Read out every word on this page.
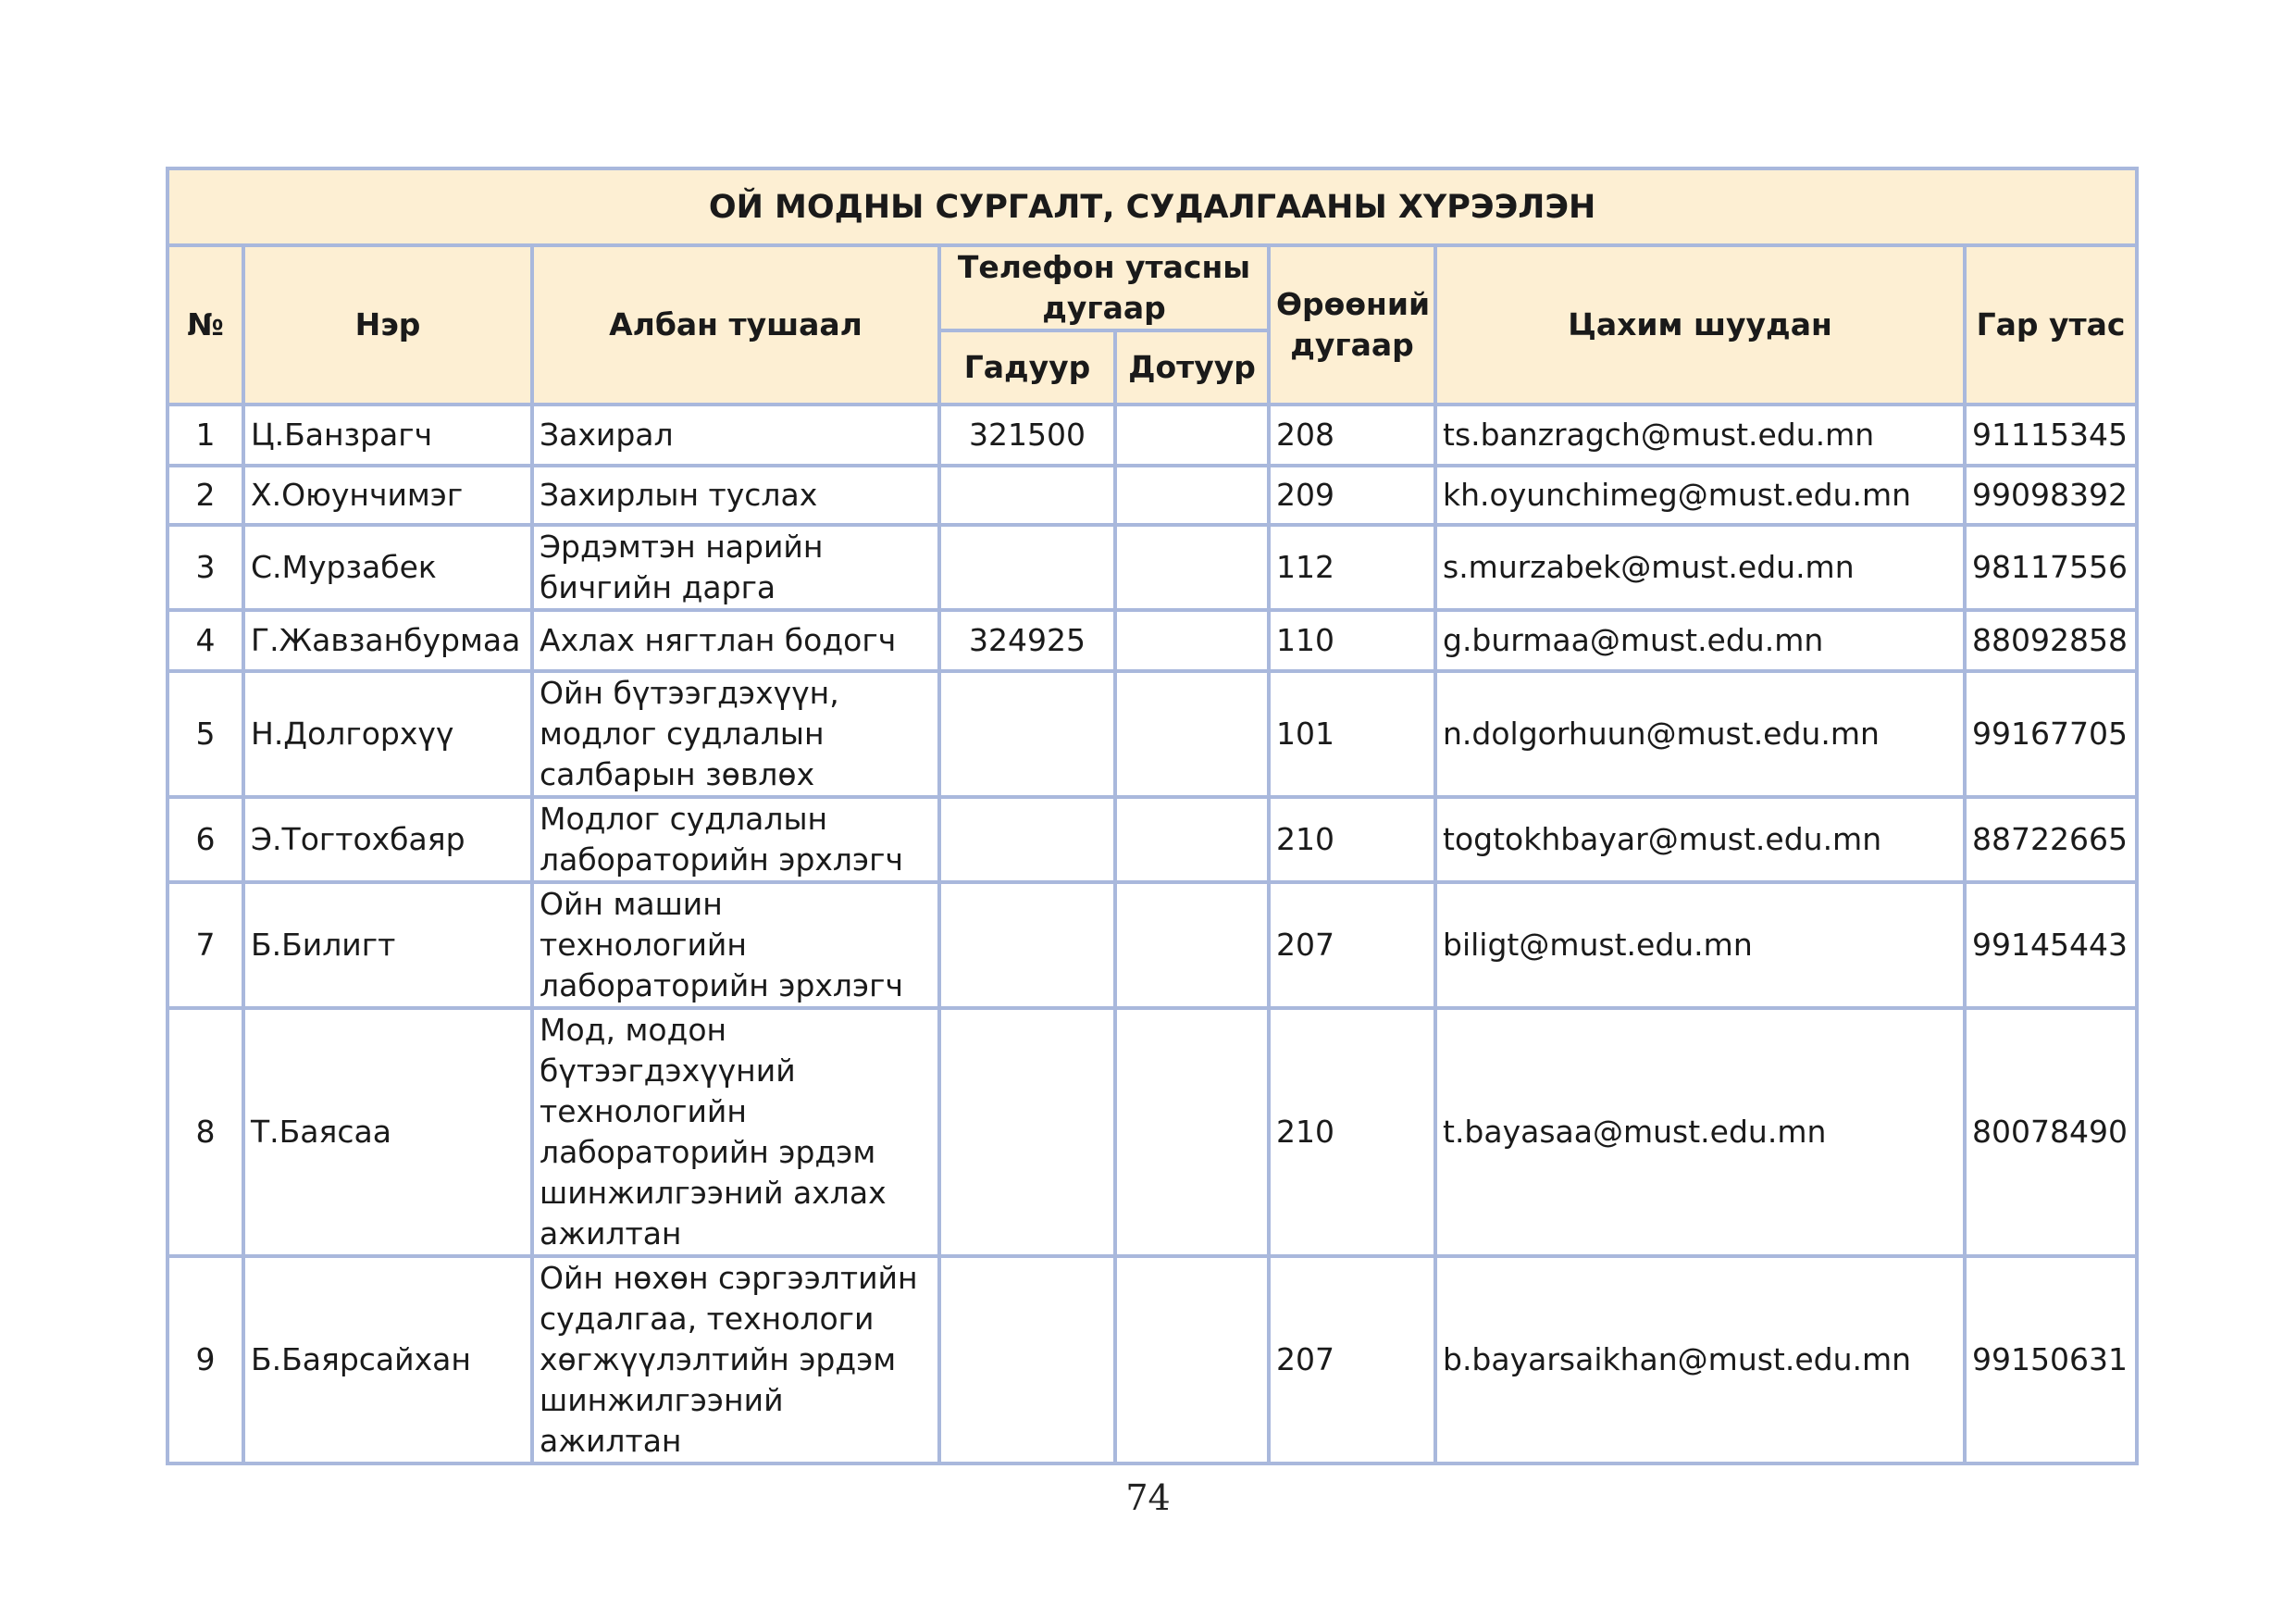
ОЙ МОДНЫ СУРГАЛТ, СУДАЛГААНЫ ХҮРЭЭЛЭН							
№	Нэр	Албан тушаал	Телефон утасны дугаар		Өрөөний дугаар	Цахим шуудан	Гар утас
			Гадуур	Дотуур			
1	Ц.Банзрагч	Захирал	321500		208	ts.banzragch@must.edu.mn	91115345
2	Х.Оюунчимэг	Захирлын туслах			209	kh.oyunchimeg@must.edu.mn	99098392
3	С.Мурзабек	Эрдэмтэн нарийн бичгийн дарга			112	s.murzabek@must.edu.mn	98117556
4	Г.Жавзанбурмаа	Ахлах нягтлан бодогч	324925		110	g.burmaa@must.edu.mn	88092858
5	Н.Долгорхүү	Ойн бүтээгдэхүүн, модлог судлалын салбарын зөвлөх			101	n.dolgorhuun@must.edu.mn	99167705
6	Э.Тогтохбаяр	Модлог судлалын лабораторийн эрхлэгч			210	togtokhbayar@must.edu.mn	88722665
7	Б.Билигт	Ойн машин технологийн лабораторийн эрхлэгч			207	biligt@must.edu.mn	99145443
8	Т.Баясаа	Мод, модон бүтээгдэхүүний технологийн лабораторийн эрдэм шинжилгээний ахлах ажилтан			210	t.bayasaa@must.edu.mn	80078490
9	Б.Баярсайхан	Ойн нөхөн сэргээлтийн судалгаа, технологи хөгжүүлэлтийн эрдэм шинжилгээний ажилтан			207	b.bayarsaikhan@must.edu.mn	99150631
74
